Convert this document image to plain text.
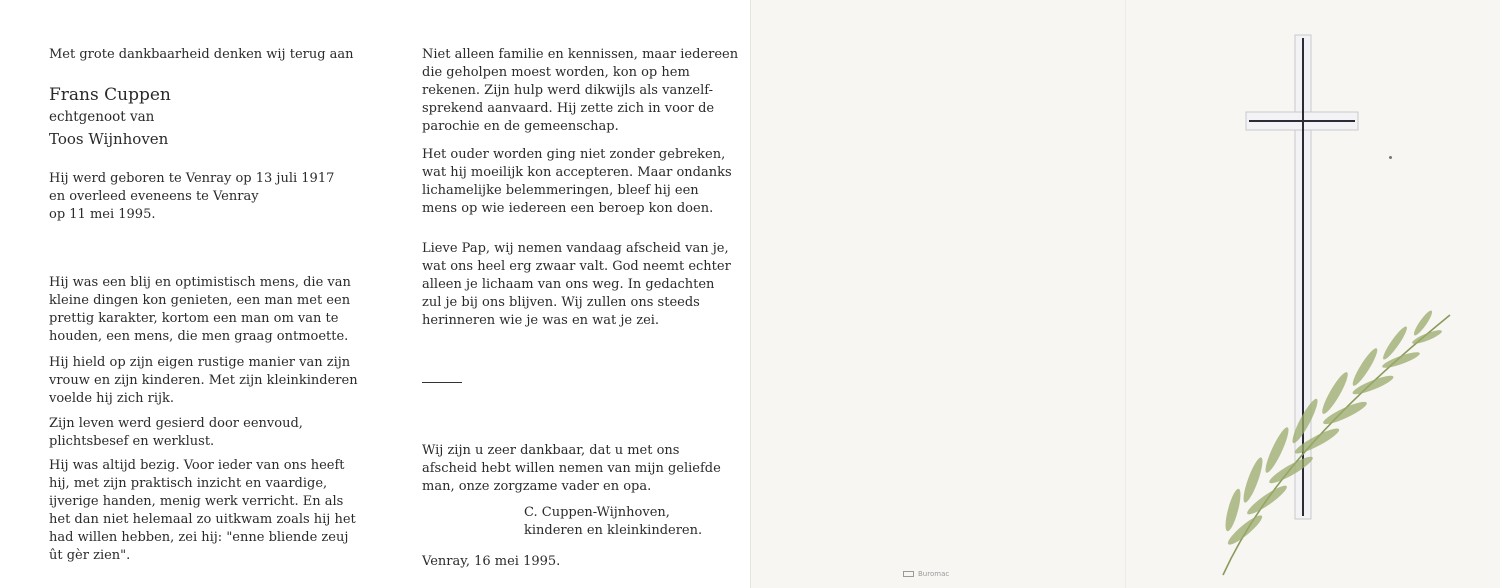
Met grote dankbaarheid denken wij terug aan
Frans Cuppen
echtgenoot van
Toos Wijnhoven
Hij werd geboren te Venray op 13 juli 1917
en overleed eveneens te Venray
op 11 mei 1995.
Hij was een blij en optimistisch mens, die van
kleine dingen kon genieten, een man met een
prettig karakter, kortom een man om van te
houden, een mens, die men graag ontmoette.
Hij hield op zijn eigen rustige manier van zijn
vrouw en zijn kinderen. Met zijn kleinkinderen
voelde hij zich rijk.
Zijn leven werd gesierd door eenvoud,
plichtsbesef en werklust.
Hij was altijd bezig. Voor ieder van ons heeft
hij, met zijn praktisch inzicht en vaardige,
ijverige handen, menig werk verricht. En als
het dan niet helemaal zo uitkwam zoals hij het
had willen hebben, zei hij: "enne bliende zeuj
ût gèr zien".
Niet alleen familie en kennissen, maar iedereen
die geholpen moest worden, kon op hem
rekenen. Zijn hulp werd dikwijls als vanzelf-
sprekend aanvaard. Hij zette zich in voor de
parochie en de gemeenschap.
Het ouder worden ging niet zonder gebreken,
wat hij moeilijk kon accepteren. Maar ondanks
lichamelijke belemmeringen, bleef hij een
mens op wie iedereen een beroep kon doen.
Lieve Pap, wij nemen vandaag afscheid van je,
wat ons heel erg zwaar valt. God neemt echter
alleen je lichaam van ons weg. In gedachten
zul je bij ons blijven. Wij zullen ons steeds
herinneren wie je was en wat je zei.
Wij zijn u zeer dankbaar, dat u met ons
afscheid hebt willen nemen van mijn geliefde
man, onze zorgzame vader en opa.
C. Cuppen-Wijnhoven,
kinderen en kleinkinderen.
Venray, 16 mei 1995.
Buromac
